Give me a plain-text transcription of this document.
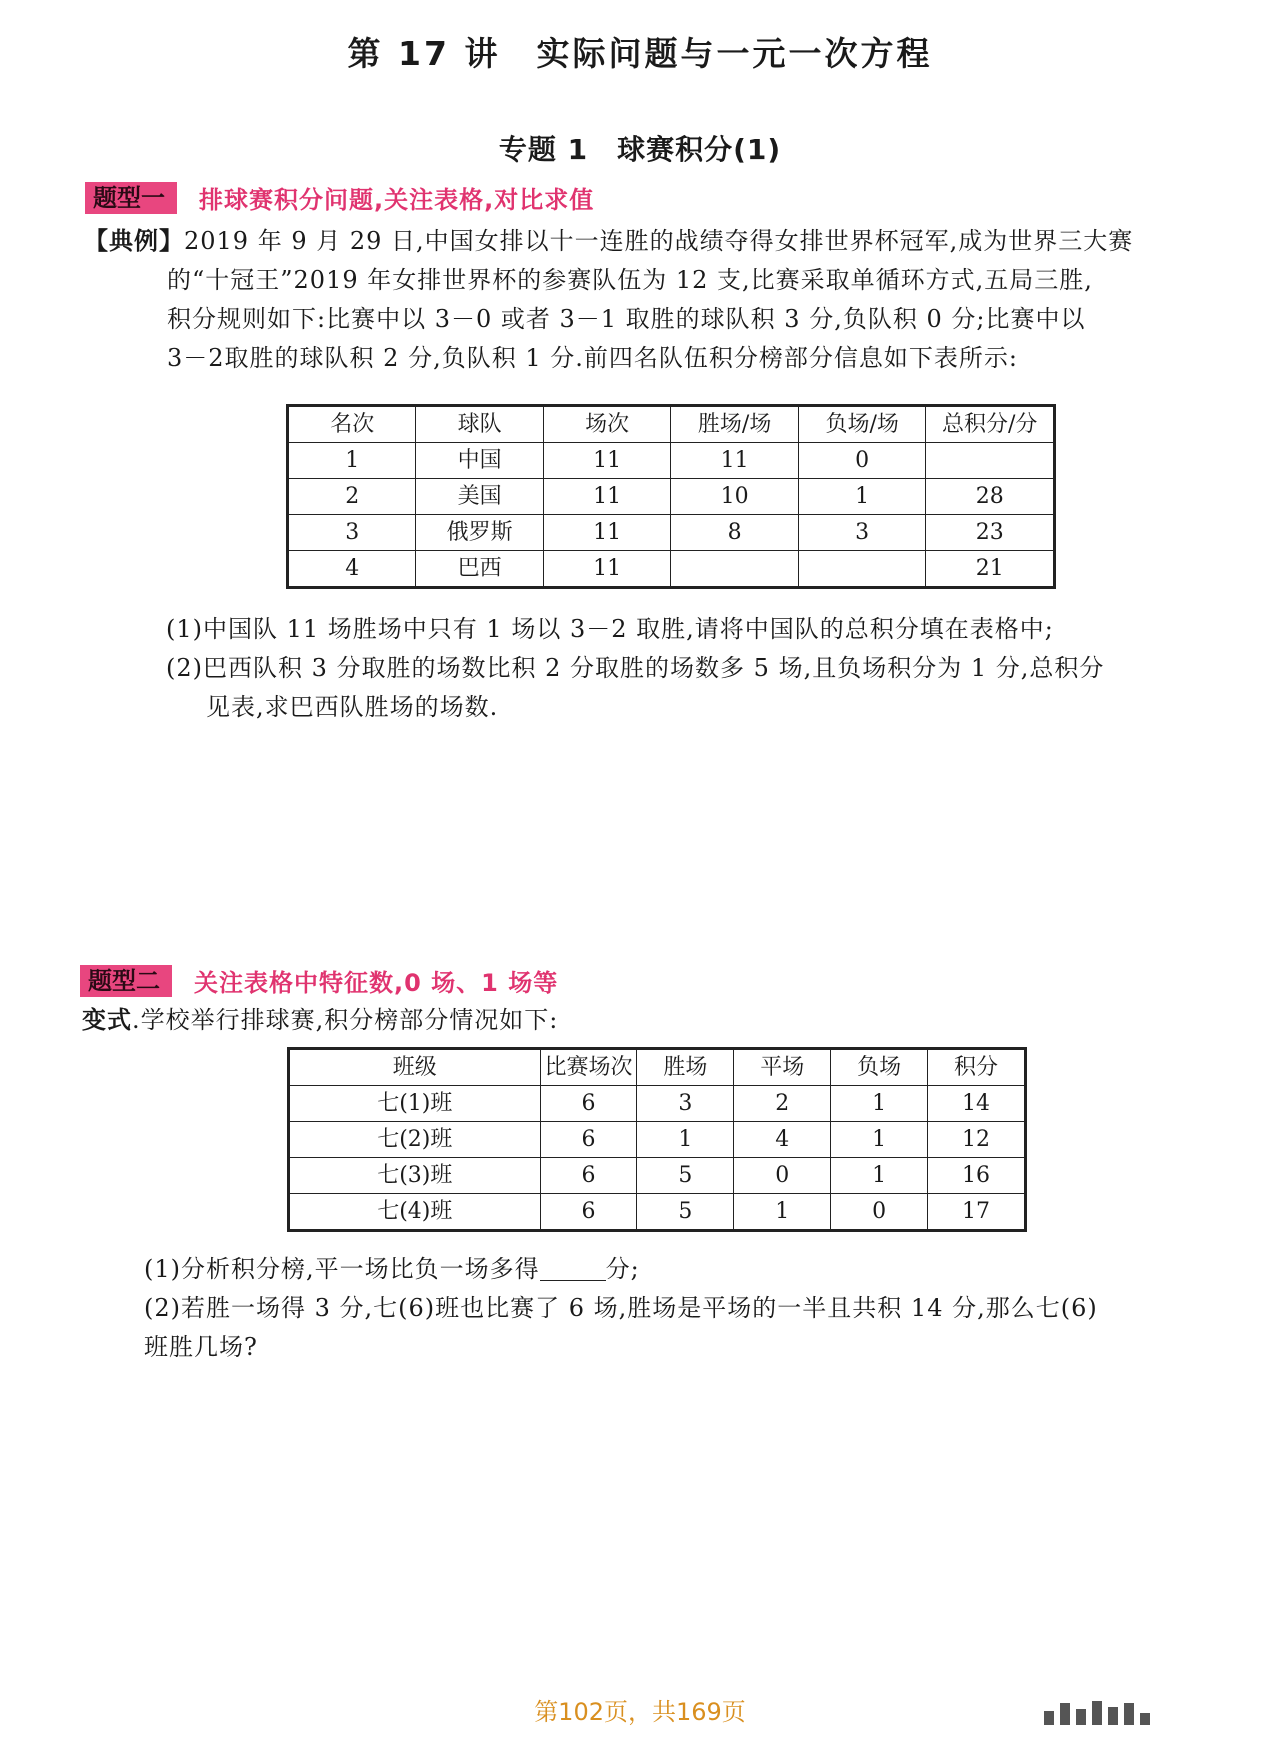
第 17 讲　实际问题与一元一次方程
专题 1　球赛积分(1)
题型一	排球赛积分问题,关注表格,对比求值
【典例】2019 年 9 月 29 日,中国女排以十一连胜的战绩夺得女排世界杯冠军,成为世界三大赛
的“十冠王”2019 年女排世界杯的参赛队伍为 12 支,比赛采取单循环方式,五局三胜,
积分规则如下:比赛中以 3－0 或者 3－1 取胜的球队积 3 分,负队积 0 分;比赛中以
3－2取胜的球队积 2 分,负队积 1 分.前四名队伍积分榜部分信息如下表所示:
名次	球队	场次	胜场/场	负场/场	总积分/分
1	中国	11	11	0	
2	美国	11	10	1	28
3	俄罗斯	11	8	3	23
4	巴西	11			21
(1)中国队 11 场胜场中只有 1 场以 3－2 取胜,请将中国队的总积分填在表格中;
(2)巴西队积 3 分取胜的场数比积 2 分取胜的场数多 5 场,且负场积分为 1 分,总积分
见表,求巴西队胜场的场数.
题型二	关注表格中特征数,0 场、1 场等
变式.学校举行排球赛,积分榜部分情况如下:
班级	比赛场次	胜场	平场	负场	积分
七(1)班	6	3	2	1	14
七(2)班	6	1	4	1	12
七(3)班	6	5	0	1	16
七(4)班	6	5	1	0	17
(1)分析积分榜,平一场比负一场多得	分;
(2)若胜一场得 3 分,七(6)班也比赛了 6 场,胜场是平场的一半且共积 14 分,那么七(6)
班胜几场?
第102页，共169页
